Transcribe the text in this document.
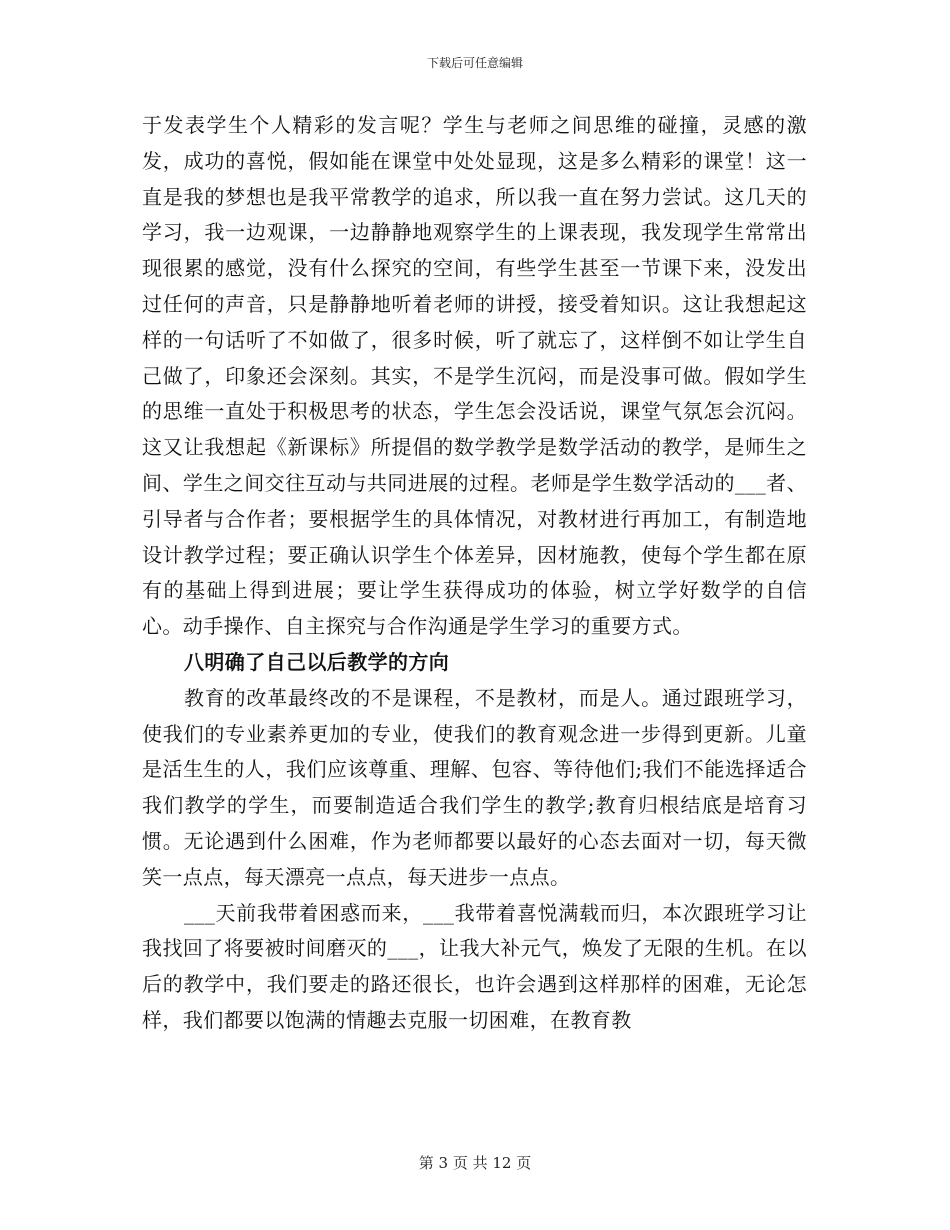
下载后可任意编辑

于发表学生个人精彩的发言呢？学生与老师之间思维的碰撞，灵感的激发，成功的喜悦，假如能在课堂中处处显现，这是多么精彩的课堂！这一直是我的梦想也是我平常教学的追求，所以我一直在努力尝试。这几天的学习，我一边观课，一边静静地观察学生的上课表现，我发现学生常常出现很累的感觉，没有什么探究的空间，有些学生甚至一节课下来，没发出过任何的声音，只是静静地听着老师的讲授，接受着知识。这让我想起这样的一句话听了不如做了，很多时候，听了就忘了，这样倒不如让学生自己做了，印象还会深刻。其实，不是学生沉闷，而是没事可做。假如学生的思维一直处于积极思考的状态，学生怎会没话说，课堂气氛怎会沉闷。这又让我想起《新课标》所提倡的数学教学是数学活动的教学，是师生之间、学生之间交往互动与共同进展的过程。老师是学生数学活动的___者、引导者与合作者；要根据学生的具体情况，对教材进行再加工，有制造地设计教学过程；要正确认识学生个体差异，因材施教，使每个学生都在原有的基础上得到进展；要让学生获得成功的体验，树立学好数学的自信心。动手操作、自主探究与合作沟通是学生学习的重要方式。

八明确了自己以后教学的方向

教育的改革最终改的不是课程，不是教材，而是人。通过跟班学习，使我们的专业素养更加的专业，使我们的教育观念进一步得到更新。儿童是活生生的人，我们应该尊重、理解、包容、等待他们;我们不能选择适合我们教学的学生，而要制造适合我们学生的教学;教育归根结底是培育习惯。无论遇到什么困难，作为老师都要以最好的心态去面对一切，每天微笑一点点，每天漂亮一点点，每天进步一点点。

___天前我带着困惑而来，___我带着喜悦满载而归，本次跟班学习让我找回了将要被时间磨灭的___，让我大补元气，焕发了无限的生机。在以后的教学中，我们要走的路还很长，也许会遇到这样那样的困难，无论怎样，我们都要以饱满的情趣去克服一切困难，在教育教

第 3 页 共 12 页
